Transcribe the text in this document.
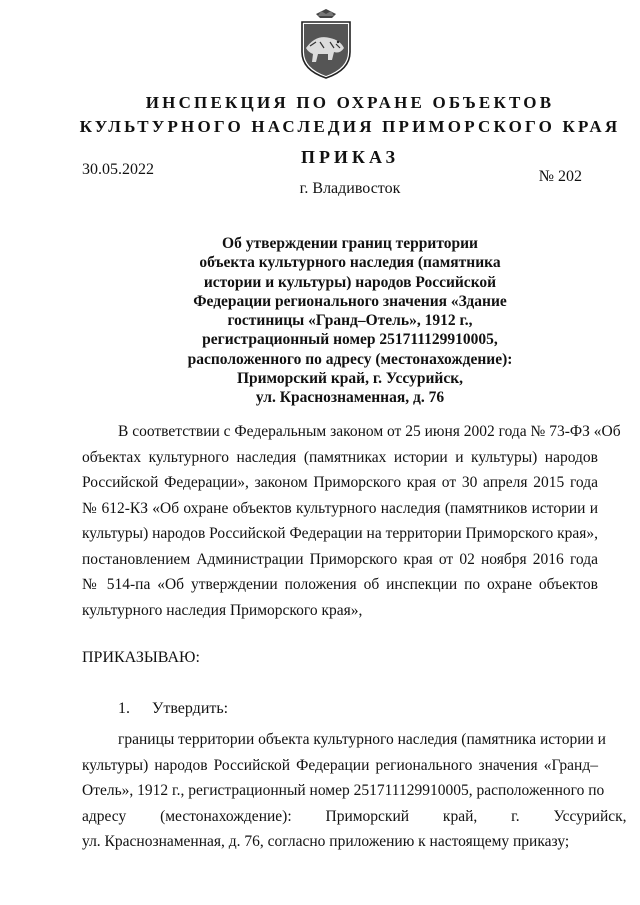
ИНСПЕКЦИЯ ПО ОХРАНЕ ОБЪЕКТОВ
КУЛЬТУРНОГО НАСЛЕДИЯ ПРИМОРСКОГО КРАЯ
ПРИКАЗ
30.05.2022	№ 202
г. Владивосток
Об утверждении границ территории
объекта культурного наследия (памятника
истории и культуры) народов Российской
Федерации регионального значения «Здание
гостиницы «Гранд–Отель», 1912 г.,
регистрационный номер 251711129910005,
расположенного по адресу (местонахождение):
Приморский край, г. Уссурийск,
ул. Краснознаменная, д. 76
В соответствии с Федеральным законом от 25 июня 2002 года № 73-ФЗ «Об
объектах культурного наследия (памятниках истории и культуры) народов
Российской Федерации», законом Приморского края от 30 апреля 2015 года
№ 612-КЗ «Об охране объектов культурного наследия (памятников истории и
культуры) народов Российской Федерации на территории Приморского края»,
постановлением Администрации Приморского края от 02 ноября 2016 года
№ 514-па «Об утверждении положения об инспекции по охране объектов
культурного наследия Приморского края»,
ПРИКАЗЫВАЮ:
1. Утвердить:
границы территории объекта культурного наследия (памятника истории и
культуры) народов Российской Федерации регионального значения «Гранд–
Отель», 1912 г., регистрационный номер 251711129910005, расположенного по
адресу (местонахождение): Приморский край, г. Уссурийск,
ул. Краснознаменная, д. 76, согласно приложению к настоящему приказу;
